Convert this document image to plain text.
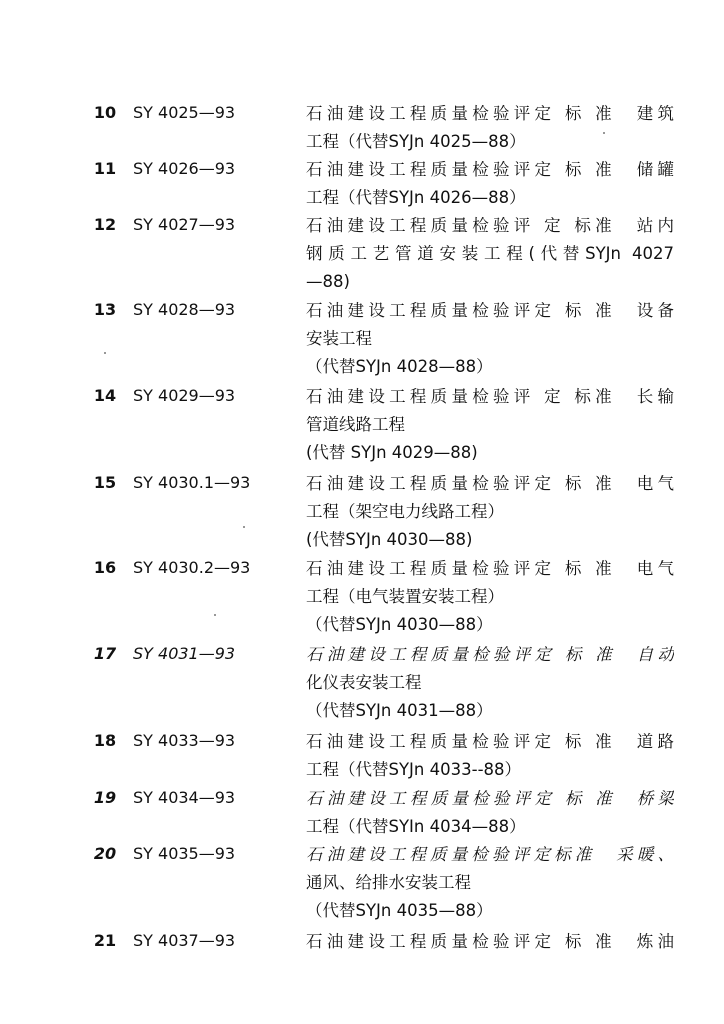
10	SY 4025—93	石油建设工程质量检验评定 标 准　建筑
工程（代替SYJn 4025—88）
11	SY 4026—93	石油建设工程质量检验评定 标 准　储罐
工程（代替SYJn 4026—88）
12	SY 4027—93	石油建设工程质量检验评 定 标准　站内
钢质工艺管道安装工程(代替SYJn 4027
—88)
13	SY 4028—93	石油建设工程质量检验评定 标 准　设备
安装工程
（代替SYJn 4028—88）
14	SY 4029—93	石油建设工程质量检验评 定 标准　长输
管道线路工程
(代替 SYJn 4029—88)
15	SY 4030.1—93	石油建设工程质量检验评定 标 准　电气
工程（架空电力线路工程）
(代替SYJn 4030—88)
16	SY 4030.2—93	石油建设工程质量检验评定 标 准　电气
工程（电气装置安装工程）
（代替SYJn 4030—88）
17	SY 4031—93	石油建设工程质量检验评定 标 准　自动
化仪表安装工程
（代替SYJn 4031—88）
18	SY 4033—93	石油建设工程质量检验评定 标 准　道路
工程（代替SYJn 4033--88）
19	SY 4034—93	石油建设工程质量检验评定 标 准　桥梁
工程（代替SYIn 4034—88）
20	SY 4035—93	石油建设工程质量检验评定标准　采暖、
通风、给排水安装工程
（代替SYJn 4035—88）
21	SY 4037—93	石油建设工程质量检验评定 标 准　炼油
